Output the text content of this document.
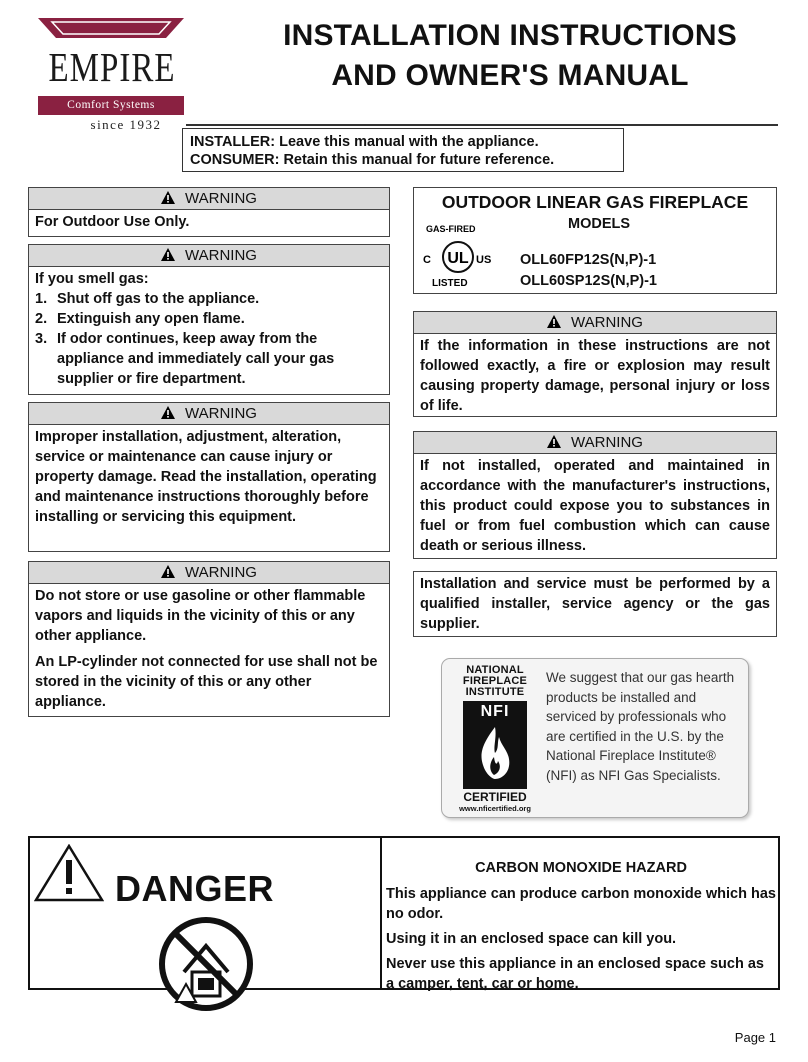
EMPIRE
Comfort Systems
since 1932
INSTALLATION INSTRUCTIONS
AND OWNER'S MANUAL
INSTALLER: Leave this manual with the appliance.
CONSUMER: Retain this manual for future reference.
WARNING
For Outdoor Use Only.
WARNING
If you smell gas:
1. Shut off gas to the appliance.
2. Extinguish any open flame.
3. If odor continues, keep away from the appliance and immediately call your gas supplier or fire department.
WARNING
Improper installation, adjustment, alteration, service or maintenance can cause injury or property damage. Read the installation, operating and maintenance instructions thoroughly before installing or servicing this equipment.
WARNING

Do not store or use gasoline or other flammable vapors and liquids in the vicinity of this or any other appliance.

An LP-cylinder not connected for use shall not be stored in the vicinity of this or any other appliance.

OUTDOOR LINEAR GAS FIREPLACE
MODELS
GAS-FIRED
UL
C	US
LISTED
OLL60FP12S(N,P)-1
OLL60SP12S(N,P)-1
WARNING
If the information in these instructions are not followed exactly, a fire or explosion may result causing property damage, personal injury or loss of life.
WARNING
If not installed, operated and maintained in accordance with the manufacturer's instructions, this product could expose you to substances in fuel or from fuel combustion which can cause death or serious illness.
Installation and service must be performed by a qualified installer, service agency or the gas supplier.
NATIONAL
FIREPLACE
INSTITUTE
NFI
CERTIFIED
www.nficertified.org
We suggest that our gas hearth products be installed and serviced by professionals who are certified in the U.S. by the National Fireplace Institute® (NFI) as NFI Gas Specialists.
DANGER	CARBON MONOXIDE HAZARD

This appliance can produce carbon monoxide which has no odor.

Using it in an enclosed space can kill you.

Never use this appliance in an enclosed space such as a camper, tent, car or home.

Page 1
